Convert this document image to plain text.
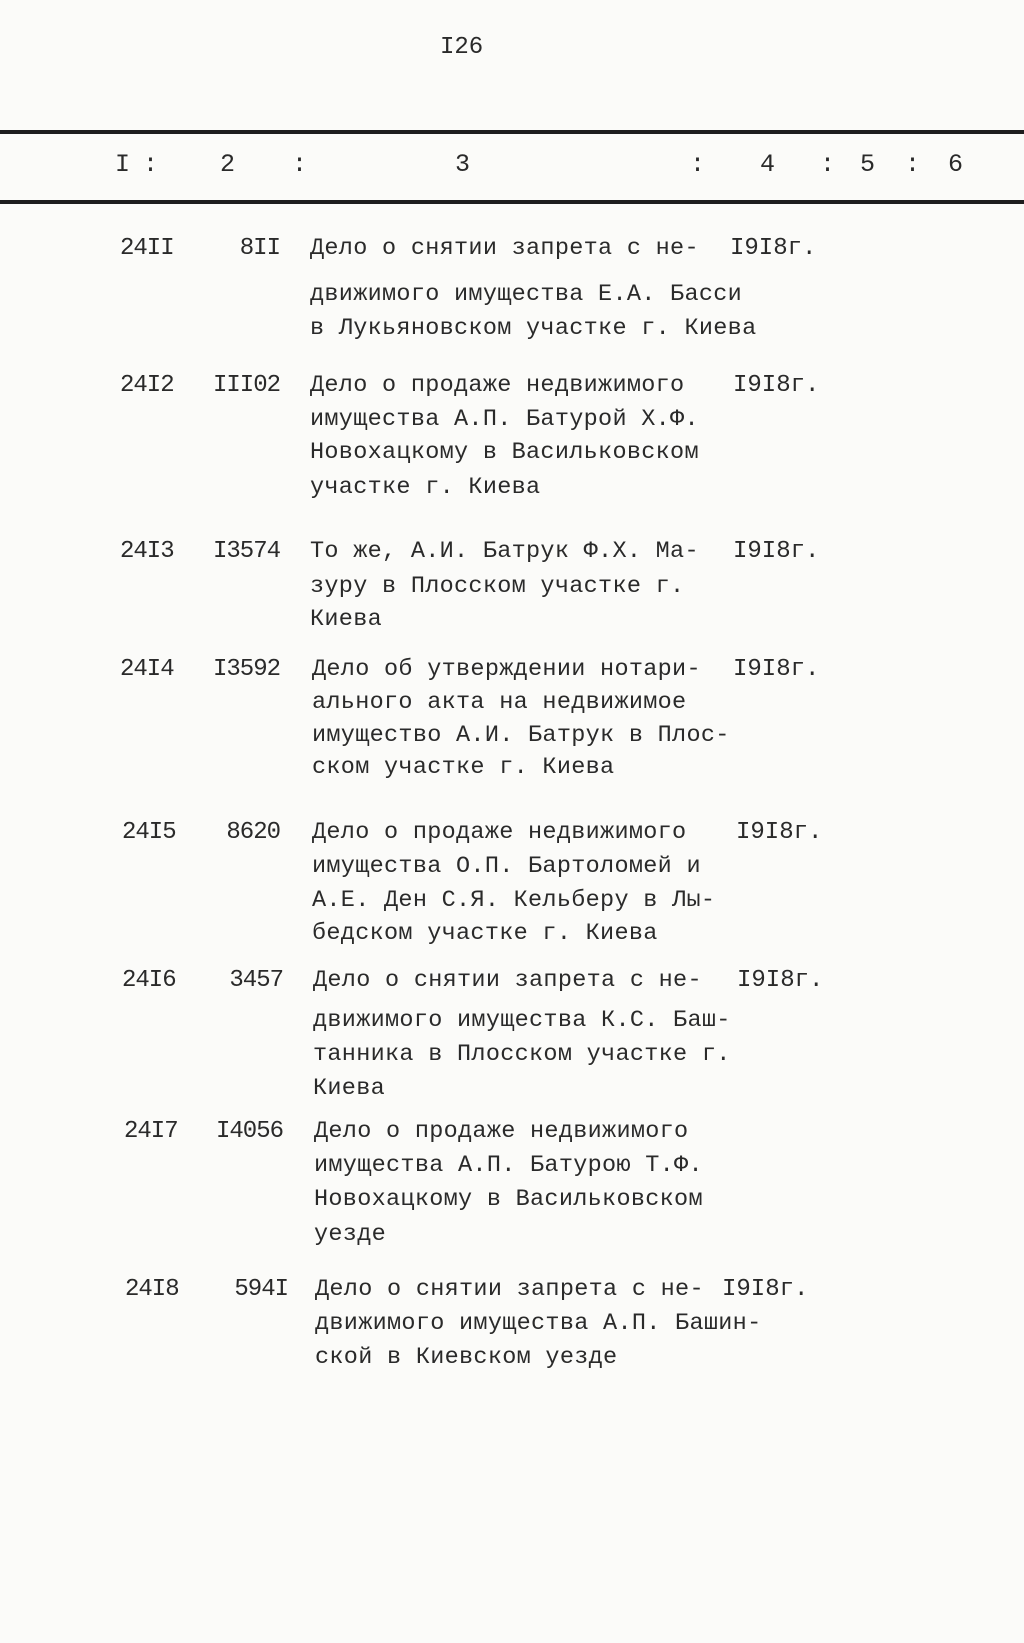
I26
I : 2 :	3	: 4 : 5 : 6
24II	8II Дело о снятии запрета с не-
движимого имущества Е.А. Басси
в Лукьяновском участке г. Киева
I9I8г.
24I2	III02 Дело о продаже недвижимого
имущества А.П. Батурой Х.Ф.
Новохацкому в Васильковском
участке г. Киева
I9I8г.
24I3	I3574 То же, А.И. Батрук Ф.Х. Ма-
зуру в Плосском участке г.
Киева
I9I8г.
24I4	I3592 Дело об утверждении нотари-
ального акта на недвижимое
имущество А.И. Батрук в Плос-
ском участке г. Киева
I9I8г.
24I5	8620 Дело о продаже недвижимого
имущества О.П. Бартоломей и
А.Е. Ден С.Я. Кельберу в Лы-
бедском участке г. Киева
I9I8г.
24I6	3457 Дело о снятии запрета с не-
движимого имущества К.С. Баш-
танника в Плосском участке г.
Киева
I9I8г.
24I7	I4056 Дело о продаже недвижимого
имущества А.П. Батурою Т.Ф.
Новохацкому в Васильковском
уезде
24I8	594I Дело о снятии запрета с не-
движимого имущества А.П. Башин-
ской в Киевском уезде
I9I8г.
